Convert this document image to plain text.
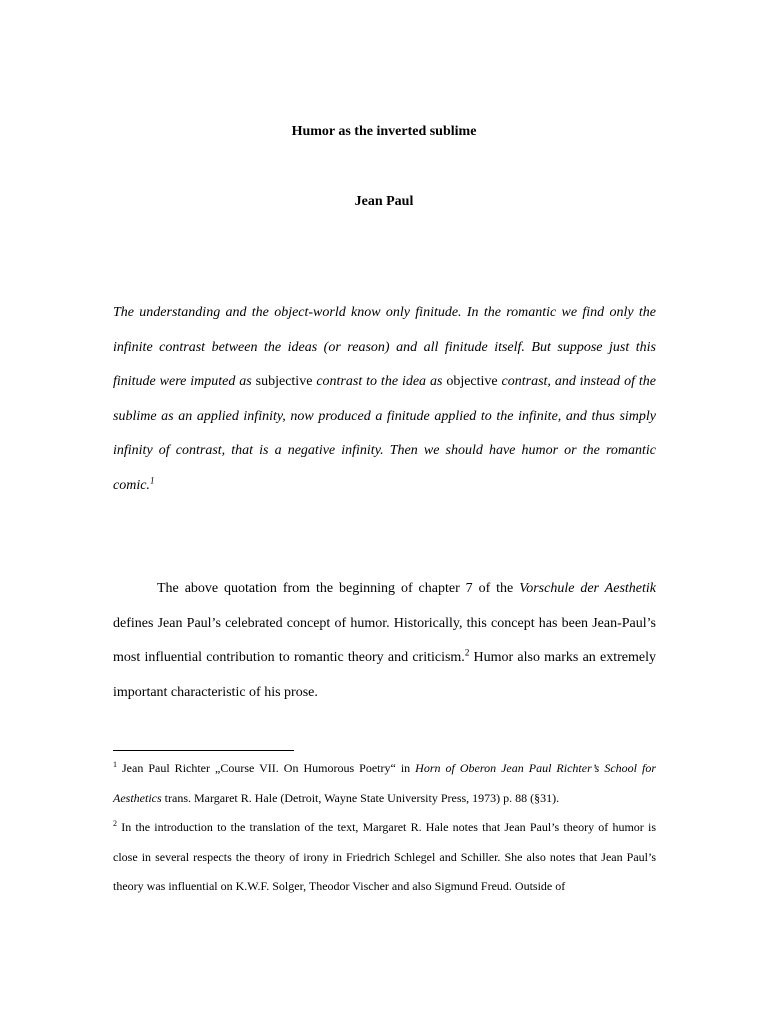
Humor as the inverted sublime
Jean Paul
The understanding and the object-world know only finitude. In the romantic we find only the infinite contrast between the ideas (or reason) and all finitude itself. But suppose just this finitude were imputed as subjective contrast to the idea as objective contrast, and instead of the sublime as an applied infinity, now produced a finitude applied to the infinite, and thus simply infinity of contrast, that is a negative infinity. Then we should have humor or the romantic comic.$^1$
The above quotation from the beginning of chapter 7 of the Vorschule der Aesthetik defines Jean Paul’s celebrated concept of humor. Historically, this concept has been Jean-Paul’s most influential contribution to romantic theory and criticism.$^2$ Humor also marks an extremely important characteristic of his prose.

$^1$ Jean Paul Richter „Course VII. On Humorous Poetry“ in Horn of Oberon Jean Paul Richter’s School for Aesthetics trans. Margaret R. Hale (Detroit, Wayne State University Press, 1973) p. 88 (§31).

$^2$ In the introduction to the translation of the text, Margaret R. Hale notes that Jean Paul’s theory of humor is close in several respects the theory of irony in Friedrich Schlegel and Schiller. She also notes that Jean Paul’s theory was influential on K.W.F. Solger, Theodor Vischer and also Sigmund Freud. Outside of
